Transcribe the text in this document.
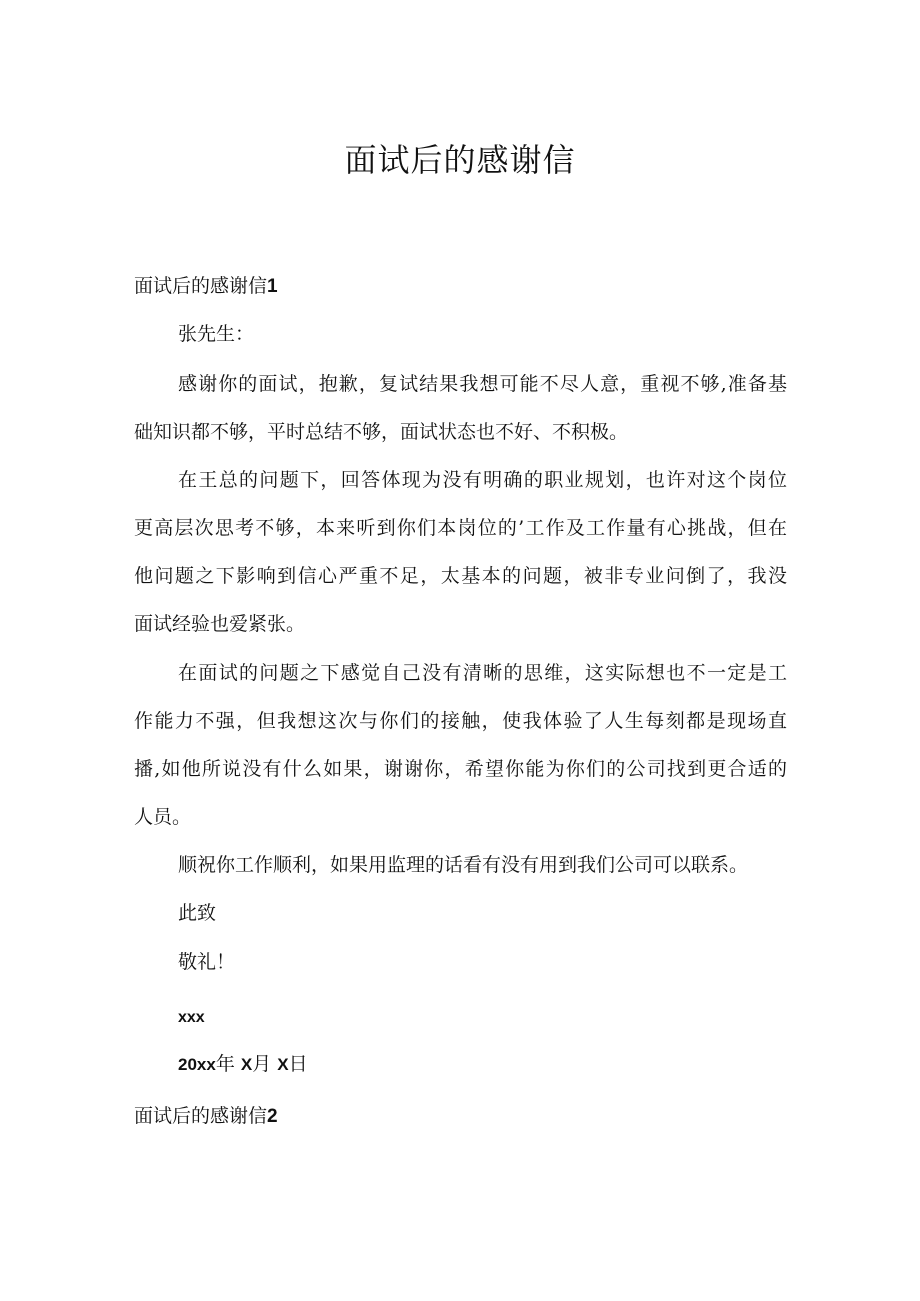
面试后的感谢信
面试后的感谢信1
张先生：
感谢你的面试，抱歉，复试结果我想可能不尽人意，重视不够,准备基
础知识都不够，平时总结不够，面试状态也不好、不积极。
在王总的问题下，回答体现为没有明确的职业规划，也许对这个岗位
更高层次思考不够，本来听到你们本岗位的’工作及工作量有心挑战，但在
他问题之下影响到信心严重不足，太基本的问题，被非专业问倒了，我没
面试经验也爱紧张。
在面试的问题之下感觉自己没有清晰的思维，这实际想也不一定是工
作能力不强，但我想这次与你们的接触，使我体验了人生每刻都是现场直
播,如他所说没有什么如果，谢谢你，希望你能为你们的公司找到更合适的
人员。
顺祝你工作顺利，如果用监理的话看有没有用到我们公司可以联系。
此致
敬礼！
xxx
20xx年 X月 X日
面试后的感谢信2
